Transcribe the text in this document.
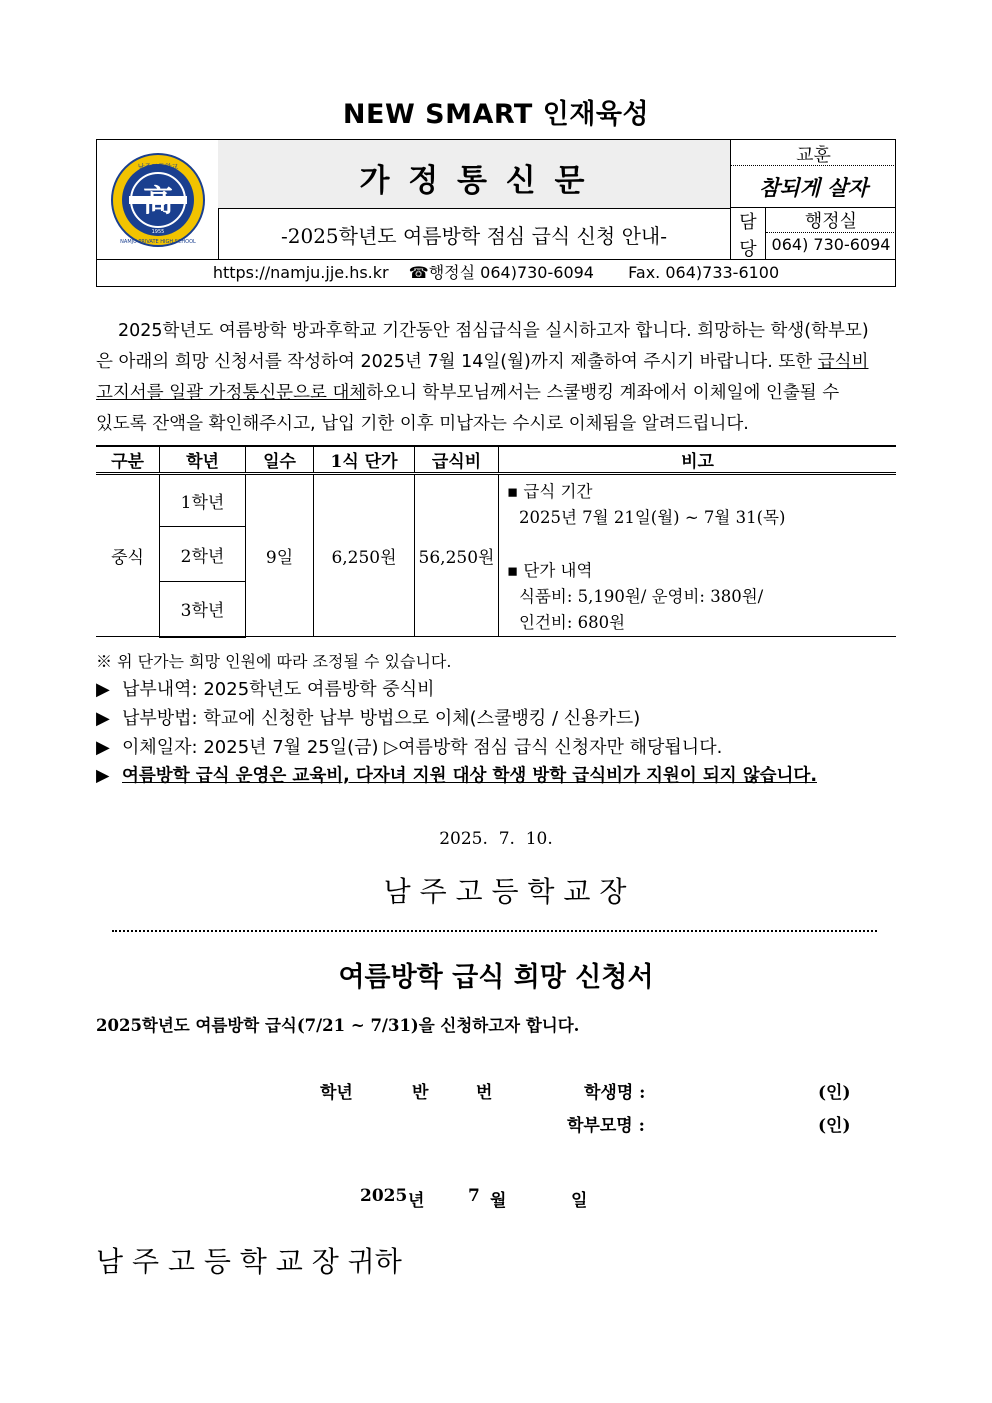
NEW SMART 인재육성
高
남주고등학교
NAMJU PRIVATE HIGH SCHOOL
1955
가 정 통 신 문
-2025학년도 여름방학 점심 급식 신청 안내-
교훈
참되게 살자
담
당
행정실
064) 730-6094
https://namju.jje.hs.kr ☎행정실 064)730-6094 Fax. 064)733-6100
2025학년도 여름방학 방과후학교 기간동안 점심급식을 실시하고자 합니다. 희망하는 학생(학부모)
은 아래의 희망 신청서를 작성하여 2025년 7월 14일(월)까지 제출하여 주시기 바랍니다. 또한 급식비
고지서를 일괄 가정통신문으로 대체하오니 학부모님께서는 스쿨뱅킹 계좌에서 이체일에 인출될 수
있도록 잔액을 확인해주시고, 납입 기한 이후 미납자는 수시로 이체됨을 알려드립니다.
구분	학년	일수	1식 단가	급식비	비고
중식	1학년	9일	6,250원	56,250원	▪ 급식 기간
2025년 7월 21일(월) ~ 7월 31(목)
▪ 단가 내역
식품비: 5,190원/ 운영비: 380원/
인건비: 680원

	2학년				
	3학년				
※ 위 단가는 희망 인원에 따라 조정될 수 있습니다.
▶ 납부내역: 2025학년도 여름방학 중식비
▶ 납부방법: 학교에 신청한 납부 방법으로 이체(스쿨뱅킹 / 신용카드)
▶ 이체일자: 2025년 7월 25일(금) ▷여름방학 점심 급식 신청자만 해당됩니다.
▶ 여름방학 급식 운영은 교육비, 다자녀 지원 대상 학생 방학 급식비가 지원이 되지 않습니다.
2025.  7.  10.
남 주 고 등 학 교 장
여름방학 급식 희망 신청서
2025학년도 여름방학 급식(7/21 ~ 7/31)을 신청하고자 합니다.
학년	반	번	학생명 :	(인)
학부모명 :	(인)
2025 년	7 월	일
남 주 고 등 학 교 장 귀하
